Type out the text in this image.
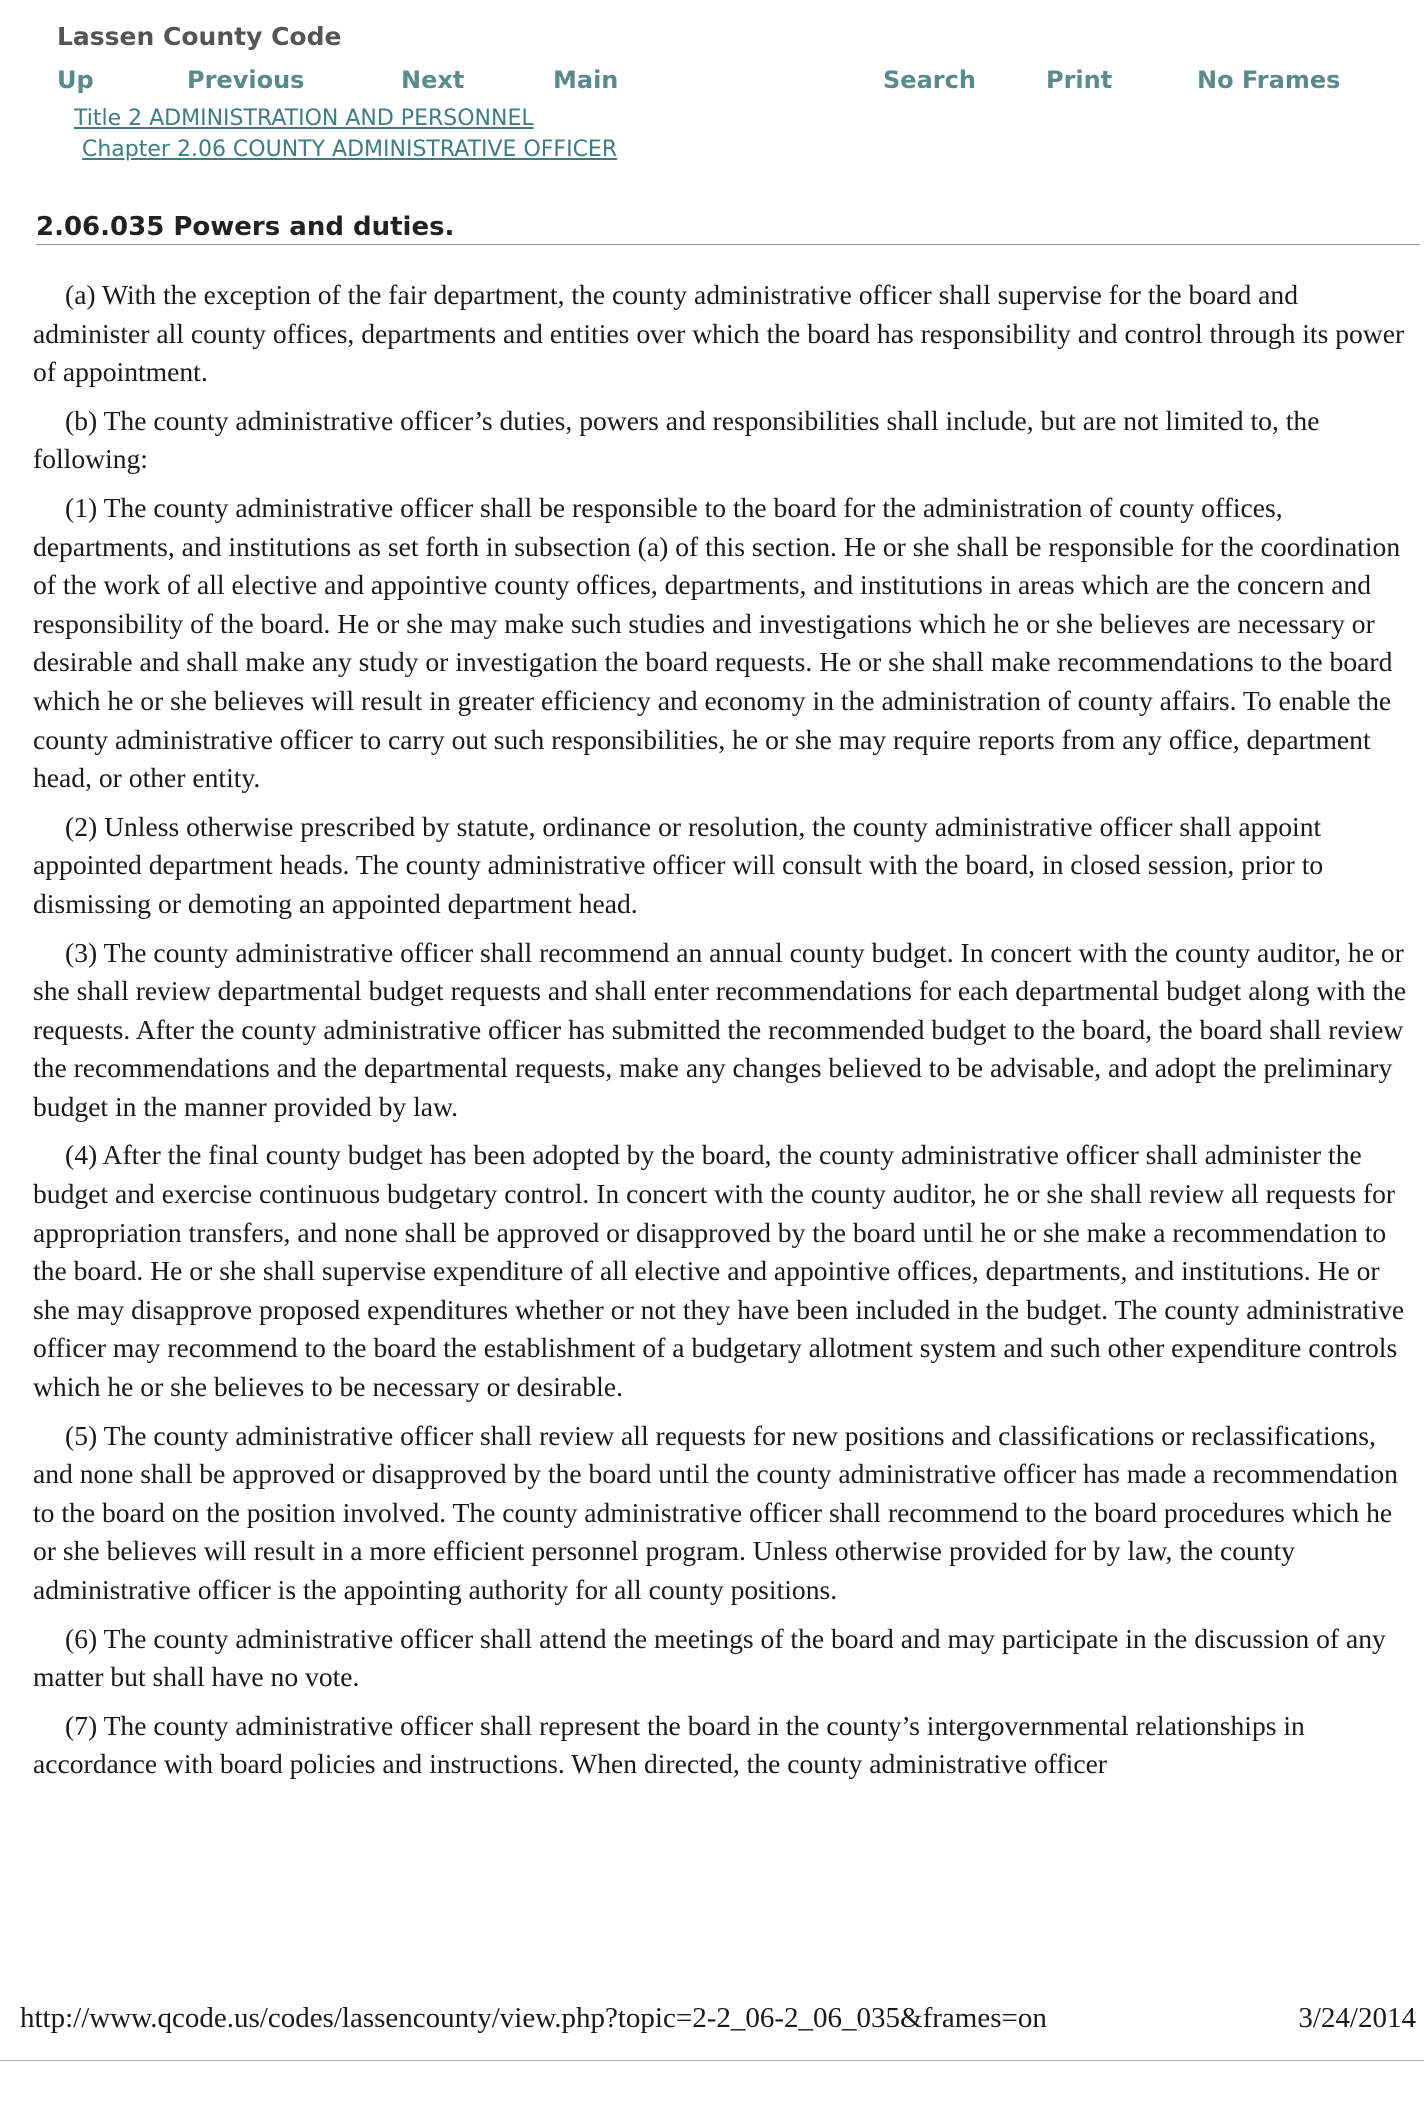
Lassen County Code
Up	Previous	Next	Main	Search	Print	No Frames
Title 2 ADMINISTRATION AND PERSONNEL
Chapter 2.06 COUNTY ADMINISTRATIVE OFFICER
2.06.035 Powers and duties.

(a) With the exception of the fair department, the county administrative officer shall supervise for the board and administer all county offices, departments and entities over which the board has responsibility and control through its power of appointment.

(b) The county administrative officer’s duties, powers and responsibilities shall include, but are not limited to, the following:

(1) The county administrative officer shall be responsible to the board for the administration of county offices, departments, and institutions as set forth in subsection (a) of this section. He or she shall be responsible for the coordination of the work of all elective and appointive county offices, departments, and institutions in areas which are the concern and responsibility of the board. He or she may make such studies and investigations which he or she believes are necessary or desirable and shall make any study or investigation the board requests. He or she shall make recommendations to the board which he or she believes will result in greater efficiency and economy in the administration of county affairs. To enable the county administrative officer to carry out such responsibilities, he or she may require reports from any office, department head, or other entity.

(2) Unless otherwise prescribed by statute, ordinance or resolution, the county administrative officer shall appoint appointed department heads. The county administrative officer will consult with the board, in closed session, prior to dismissing or demoting an appointed department head.

(3) The county administrative officer shall recommend an annual county budget. In concert with the county auditor, he or she shall review departmental budget requests and shall enter recommendations for each departmental budget along with the requests. After the county administrative officer has submitted the recommended budget to the board, the board shall review the recommendations and the departmental requests, make any changes believed to be advisable, and adopt the preliminary budget in the manner provided by law.

(4) After the final county budget has been adopted by the board, the county administrative officer shall administer the budget and exercise continuous budgetary control. In concert with the county auditor, he or she shall review all requests for appropriation transfers, and none shall be approved or disapproved by the board until he or she make a recommendation to the board. He or she shall supervise expenditure of all elective and appointive offices, departments, and institutions. He or she may disapprove proposed expenditures whether or not they have been included in the budget. The county administrative officer may recommend to the board the establishment of a budgetary allotment system and such other expenditure controls which he or she believes to be necessary or desirable.

(5) The county administrative officer shall review all requests for new positions and classifications or reclassifications, and none shall be approved or disapproved by the board until the county administrative officer has made a recommendation to the board on the position involved. The county administrative officer shall recommend to the board procedures which he or she believes will result in a more efficient personnel program. Unless otherwise provided for by law, the county administrative officer is the appointing authority for all county positions.

(6) The county administrative officer shall attend the meetings of the board and may participate in the discussion of any matter but shall have no vote.

(7) The county administrative officer shall represent the board in the county’s intergovernmental relationships in accordance with board policies and instructions. When directed, the county administrative officer

http://www.qcode.us/codes/lassencounty/view.php?topic=2-2_06-2_06_035&frames=on	3/24/2014
